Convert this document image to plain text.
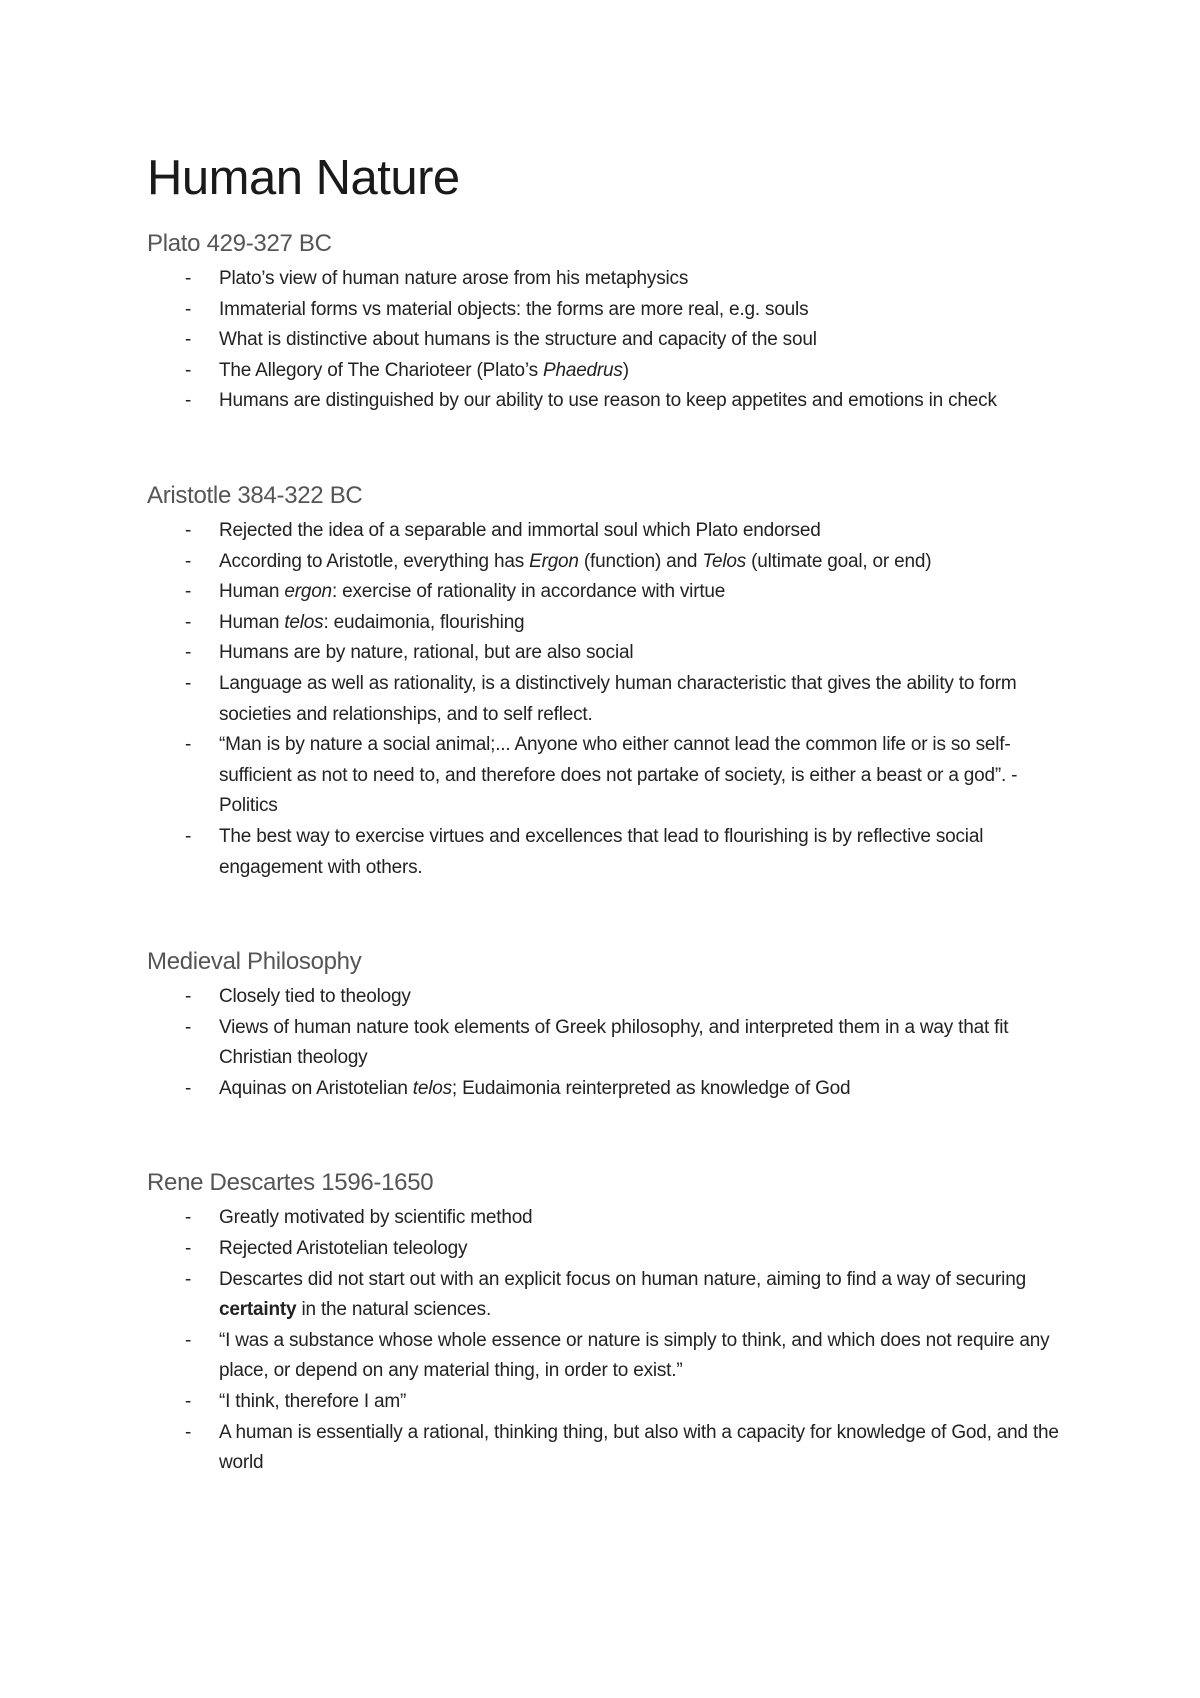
Human Nature
Plato 429-327 BC
- Plato’s view of human nature arose from his metaphysics
- Immaterial forms vs material objects: the forms are more real, e.g. souls
- What is distinctive about humans is the structure and capacity of the soul
- The Allegory of The Charioteer (Plato’s Phaedrus)
- Humans are distinguished by our ability to use reason to keep appetites and emotions in check
Aristotle 384-322 BC
- Rejected the idea of a separable and immortal soul which Plato endorsed
- According to Aristotle, everything has Ergon (function) and Telos (ultimate goal, or end)
- Human ergon: exercise of rationality in accordance with virtue
- Human telos: eudaimonia, flourishing
- Humans are by nature, rational, but are also social
- Language as well as rationality, is a distinctively human characteristic that gives the ability to form societies and relationships, and to self reflect.
- “Man is by nature a social animal;... Anyone who either cannot lead the common life or is so self-sufficient as not to need to, and therefore does not partake of society, is either a beast or a god”. - Politics
- The best way to exercise virtues and excellences that lead to flourishing is by reflective social engagement with others.
Medieval Philosophy
- Closely tied to theology
- Views of human nature took elements of Greek philosophy, and interpreted them in a way that fit Christian theology
- Aquinas on Aristotelian telos; Eudaimonia reinterpreted as knowledge of God
Rene Descartes 1596-1650
- Greatly motivated by scientific method
- Rejected Aristotelian teleology
- Descartes did not start out with an explicit focus on human nature, aiming to find a way of securing certainty in the natural sciences.
- “I was a substance whose whole essence or nature is simply to think, and which does not require any place, or depend on any material thing, in order to exist.”
- “I think, therefore I am”
- A human is essentially a rational, thinking thing, but also with a capacity for knowledge of God, and the world
